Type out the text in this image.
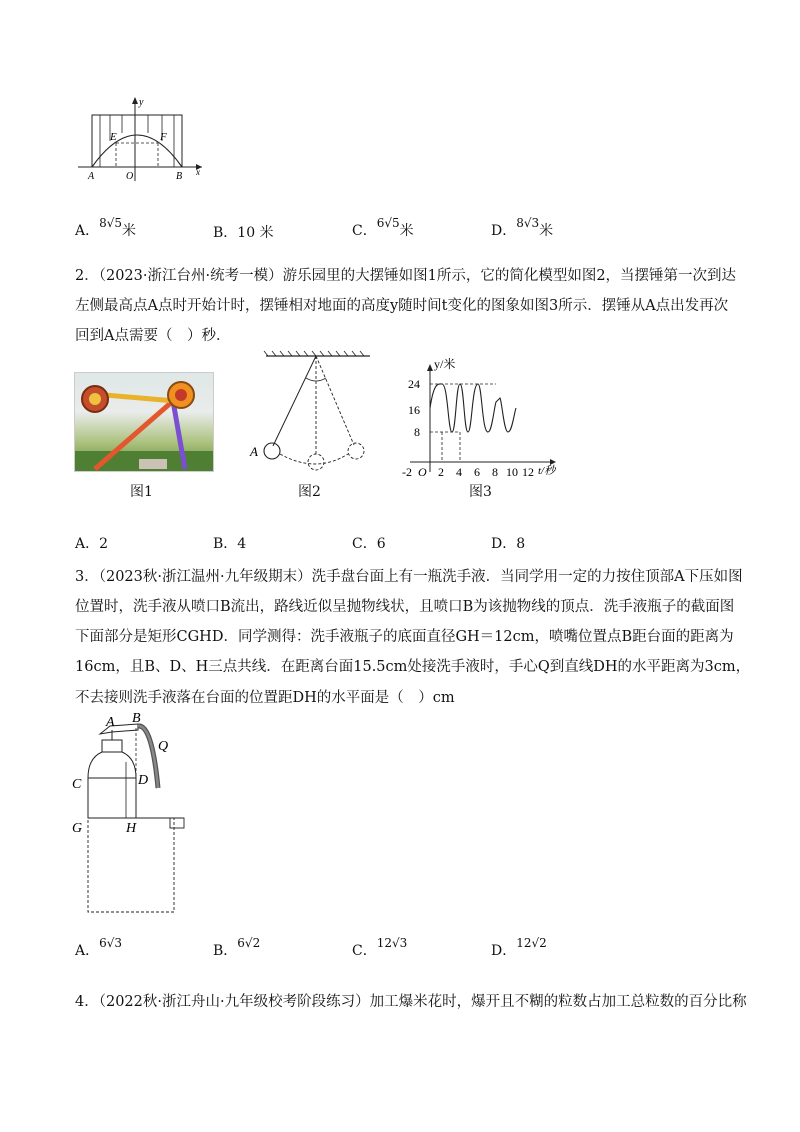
y
E	F
A	O	B x
A．8√5米	B．10 米	C．6√5米	D．8√3米
2．（2023·浙江台州·统考一模）游乐园里的大摆锤如图1所示，它的简化模型如图2，当摆锤第一次到达
左侧最高点A点时开始计时，摆锤相对地面的高度y随时间t变化的图象如图3所示．摆锤从A点出发再次
回到A点需要（　）秒．
A
y/米
24
16
8
-2 O 2 4 6 8 10 12 t/秒
图1	图2	图3
A．2	B．4	C．6	D．8
3．（2023秋·浙江温州·九年级期末）洗手盘台面上有一瓶洗手液．当同学用一定的力按住顶部A下压如图
位置时，洗手液从喷口B流出，路线近似呈抛物线状，且喷口B为该抛物线的顶点．洗手液瓶子的截面图
下面部分是矩形CGHD．同学测得：洗手液瓶子的底面直径GH＝12cm，喷嘴位置点B距台面的距离为
16cm，且B、D、H三点共线．在距离台面15.5cm处接洗手液时，手心Q到直线DH的水平距离为3cm，
不去接则洗手液落在台面的位置距DH的水平面是（　）cm
A B
Q
C	D
G	H
A．6√3	B．6√2	C．12√3	D．12√2
4．（2022秋·浙江舟山·九年级校考阶段练习）加工爆米花时，爆开且不糊的粒数占加工总粒数的百分比称
